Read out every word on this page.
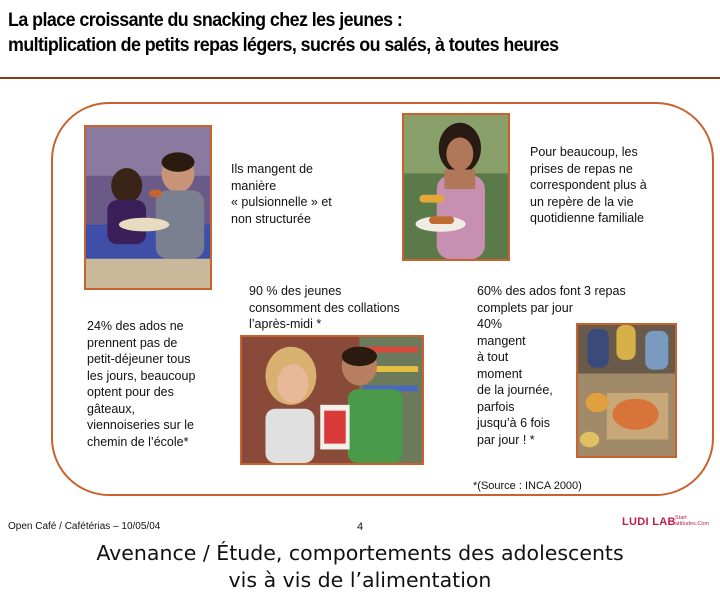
La place croissante du snacking chez les jeunes :
multiplication de petits repas légers, sucrés ou salés, à toutes heures
Ils mangent de
manière
« pulsionnelle » et
non structurée
Pour beaucoup, les
prises de repas ne
correspondent plus à
un repère de la vie
quotidienne familiale
90 % des jeunes
consomment des collations
l’après-midi *
60% des ados font 3 repas
complets par jour
40%
mangent
à tout
moment
de la journée,
parfois
jusqu’à 6 fois
par jour ! *
24% des ados ne
prennent pas de
petit-déjeuner tous
les jours, beaucoup
optent pour des
gâteaux,
viennoiseries sur le
chemin de l’école*
*(Source : INCA 2000)
Open Café / Cafétérias – 10/05/04	4	LUDI LAB Start
attitudes.Com
Avenance / Étude, comportements des adolescents
vis à vis de l’alimentation
